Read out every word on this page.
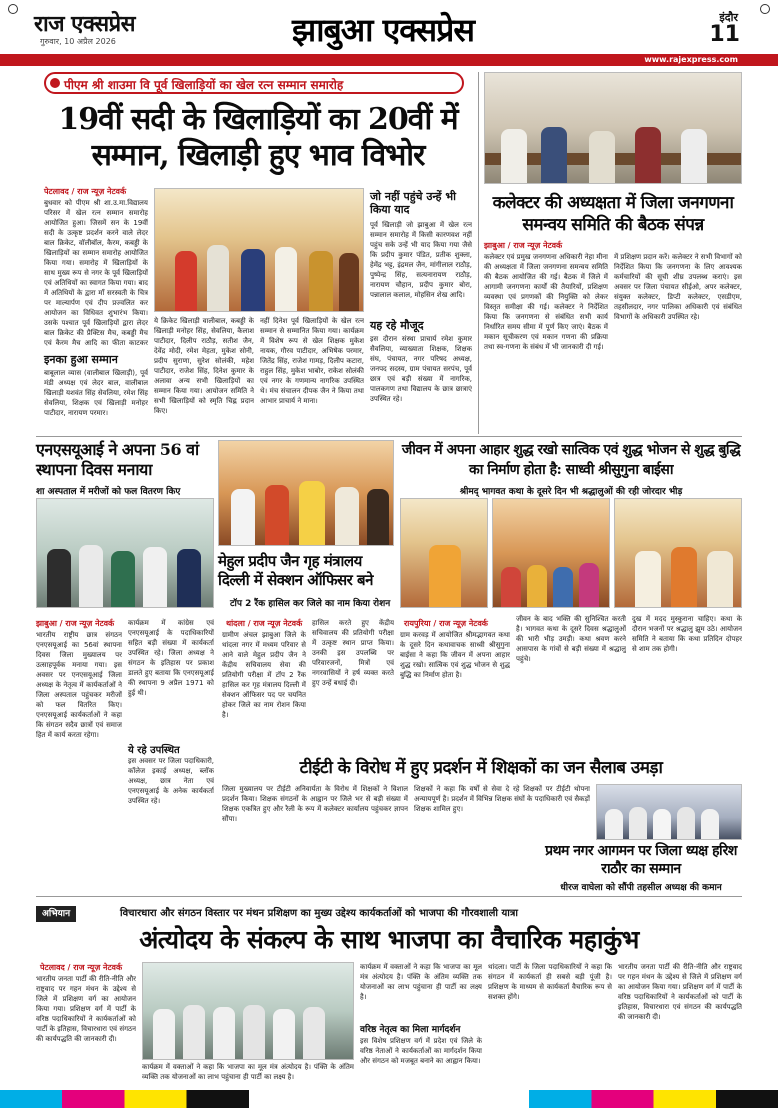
राज एक्सप्रेस
गुरुवार, 10 अप्रैल 2026	झाबुआ एक्सप्रेस	इंदौर
11
www.rajexpress.com
पीएम श्री शाउमा वि पूर्व खिलाड़ियों का खेल रत्न सम्मान समारोह
19वीं सदी के खिलाड़ियों का 20वीं में सम्मान, खिलाड़ी हुए भाव विभोर
पेटलावद / राज न्यूज़ नेटवर्क
बुधवार को पीएम श्री शा.उ.मा.विद्यालय परिसर में खेल रत्न सम्मान समारोह आयोजित हुआ। जिसमें सन के 19वीं सदी के उत्कृष्ट प्रदर्शन करने वाले लेदर बाल क्रिकेट, वॉलीबॉल, कैरम, कबड्डी के खिलाड़ियों का सम्मान समारोह आयोजित किया गया। समारोह में खिलाड़ियों के साथ मुख्य रूप से नगर के पूर्व खिलाड़ियों एवं अतिथियों का स्वागत किया गया। बाद में अतिथियों के द्वारा माँ सरस्वती के चित्र पर माल्यार्पण एवं दीप प्रज्वलित कर आयोजन का विधिवत शुभारंभ किया। उसके पश्चात पूर्व खिलाड़ियों द्वारा लेदर बाल क्रिकेट की प्रैक्टिस मैच, कबड्डी मैच एवं कैरम मैच आदि का फीता काटकर
इनका हुआ सम्मान
बाबूलाल व्यास (वालीबाल खिलाड़ी), पूर्व मंडी अध्यक्ष एवं लेदर बाल, वालीबाल खिलाड़ी यशवंत सिंह सेवलिया, रमेश सिंह सेवलिया, शिक्षक एवं खिलाड़ी मनोहर पाटीदार, नारायण परमार।
ये क्रिकेट खिलाड़ी वालीबाल, कबड्डी के खिलाड़ी मनोहर सिंह, सेवलिया, कैलाश पाटीदार, दिलीप राठौड़, सतीश जैन, देवेंद्र मोदी, रमेश मेहता, मुकेश सोनी, प्रदीप सुराणा, सुरेश सोलंकी, महेश पाटीदार, राजेश सिंह, दिनेश कुमार के अलावा अन्य सभी खिलाड़ियों का सम्मान किया गया। आयोजन समिति ने सभी खिलाड़ियों को स्मृति चिह्न प्रदान किए।
नहीं दिनेश पूर्व खिलाड़ियों के खेल रत्न सम्मान से सम्मानित किया गया। कार्यक्रम में विशेष रूप से खेल शिक्षक मुकेश नायक, गौरव पाटीदार, अभिषेक परमार, जितेंद्र सिंह, राजेश गामड़, दिलीप कटारा, राहुल सिंह, मुकेश भाबोर, राकेश सोलंकी एवं नगर के गणमान्य नागरिक उपस्थित थे। मंच संचालन दीपक जैन ने किया तथा आभार प्राचार्य ने माना।
जो नहीं पहुंचे उन्हें भी किया याद
पूर्व खिलाड़ी जो झाबुआ में खेल रत्न सम्मान समारोह में किसी कारणवश नहीं पहुंच सके उन्हें भी याद किया गया जैसे कि प्रदीप कुमार पंडित, प्रतीक शुक्ला, हेमेंद्र भट्ट, इंद्रमल जैन, मांगीलाल राठौड़, पुष्पेन्द्र सिंह, सत्यनारायण राठौड़, नारायण चौहान, प्रदीप कुमार बोरा, पन्नालाल कलाल, मोहसिन शेख आदि।
यह रहे मौजूद
इस दौरान संस्था प्राचार्य रमेश कुमार सैवलिया, व्याख्याता शिक्षक, शिक्षक संघ, पंचायत, नगर परिषद अध्यक्ष, जनपद सदस्य, ग्राम पंचायत सरपंच, पूर्व छात्र एवं बड़ी संख्या में नागरिक, पालकगण तथा विद्यालय के छात्र छात्राएं उपस्थित रहे।
कलेक्टर की अध्यक्षता में जिला जनगणना समन्वय समिति की बैठक संपन्न
झाबुआ / राज न्यूज़ नेटवर्क
कलेक्टर एवं प्रमुख जनगणना अधिकारी नेहा मीना की अध्यक्षता में जिला जनगणना समन्वय समिति की बैठक आयोजित की गई। बैठक में जिले में आगामी जनगणना कार्यों की तैयारियों, प्रशिक्षण व्यवस्था एवं प्रगणकों की नियुक्ति को लेकर विस्तृत समीक्षा की गई। कलेक्टर ने निर्देशित किया कि जनगणना से संबंधित सभी कार्य निर्धारित समय सीमा में पूर्ण किए जाएं। बैठक में मकान सूचीकरण एवं मकान गणना की प्रक्रिया तथा स्व-गणना के संबंध में भी जानकारी दी गई।
में प्रशिक्षण प्रदान करें। कलेक्टर ने सभी विभागों को निर्देशित किया कि जनगणना के लिए आवश्यक कर्मचारियों की सूची शीघ्र उपलब्ध कराएं। इस अवसर पर जिला पंचायत सीईओ, अपर कलेक्टर, संयुक्त कलेक्टर, डिप्टी कलेक्टर, एसडीएम, तहसीलदार, नगर पालिका अधिकारी एवं संबंधित विभागों के अधिकारी उपस्थित रहे।
एनएसयूआई ने अपना 56 वां स्थापना दिवस मनाया
शा अस्पताल में मरीजों को फल वितरण किए
झाबुआ / राज न्यूज़ नेटवर्क
भारतीय राष्ट्रीय छात्र संगठन एनएसयूआई का 56वां स्थापना दिवस जिला मुख्यालय पर उत्साहपूर्वक मनाया गया। इस अवसर पर एनएसयूआई जिला अध्यक्ष के नेतृत्व में कार्यकर्ताओं ने जिला अस्पताल पहुंचकर मरीजों को फल वितरित किए। एनएसयूआई कार्यकर्ताओं ने कहा कि संगठन सदैव छात्रों एवं समाज हित में कार्य करता रहेगा।
कार्यक्रम में कांग्रेस एवं एनएसयूआई के पदाधिकारियों सहित बड़ी संख्या में कार्यकर्ता उपस्थित रहे। जिला अध्यक्ष ने संगठन के इतिहास पर प्रकाश डालते हुए बताया कि एनएसयूआई की स्थापना 9 अप्रैल 1971 को हुई थी।
ये रहे उपस्थित
इस अवसर पर जिला पदाधिकारी, कॉलेज इकाई अध्यक्ष, ब्लॉक अध्यक्ष, छात्र नेता एवं एनएसयूआई के अनेक कार्यकर्ता उपस्थित रहे।
मेहुल प्रदीप जैन गृह मंत्रालय दिल्ली में सेक्शन ऑफिसर बने
टॉप 2 रैंक हासिल कर जिले का नाम किया रोशन
थांदला / राज न्यूज़ नेटवर्क
ग्रामीण अंचल झाबुआ जिले के थांदला नगर में मध्यम परिवार से आने वाले मेहुल प्रदीप जैन ने केंद्रीय सचिवालय सेवा की प्रतियोगी परीक्षा में टॉप 2 रैंक हासिल कर गृह मंत्रालय दिल्ली में सेक्शन ऑफिसर पद पर चयनित होकर जिले का नाम रोशन किया है।
हासिल करते हुए केंद्रीय सचिवालय की प्रतियोगी परीक्षा में उत्कृष्ट स्थान प्राप्त किया। उनकी इस उपलब्धि पर परिवारजनों, मित्रों एवं नगरवासियों ने हर्ष व्यक्त करते हुए उन्हें बधाई दी।
जीवन में अपना आहार शुद्ध रखो सात्विक एवं शुद्ध भोजन से शुद्ध बुद्धि का निर्माण होता है: साध्वी श्रीसुगुना बाईसा
श्रीमद् भागवत कथा के दूसरे दिन भी श्रद्धालुओं की रही जोरदार भीड़
रायपुरिया / राज न्यूज़ नेटवर्क
ग्राम करवड़ में आयोजित श्रीमद्भागवत कथा के दूसरे दिन कथावाचक साध्वी श्रीसुगुना बाईसा ने कहा कि जीवन में अपना आहार शुद्ध रखो। सात्विक एवं शुद्ध भोजन से शुद्ध बुद्धि का निर्माण होता है।
जीवन के बाद भक्ति की सुनिश्चित करती है। भागवत कथा के दूसरे दिवस श्रद्धालुओं की भारी भीड़ उमड़ी। कथा श्रवण करने आसपास के गांवों से बड़ी संख्या में श्रद्धालु पहुंचे।
दुख में मदद मुस्कुराना चाहिए। कथा के दौरान भजनों पर श्रद्धालु झूम उठे। आयोजन समिति ने बताया कि कथा प्रतिदिन दोपहर से शाम तक होगी।
टीईटी के विरोध में हुए प्रदर्शन में शिक्षकों का जन सैलाब उमड़ा
जिला मुख्यालय पर टीईटी अनिवार्यता के विरोध में शिक्षकों ने विशाल प्रदर्शन किया। शिक्षक संगठनों के आह्वान पर जिले भर से बड़ी संख्या में शिक्षक एकत्रित हुए और रैली के रूप में कलेक्टर कार्यालय पहुंचकर ज्ञापन सौंपा।
शिक्षकों ने कहा कि वर्षों से सेवा दे रहे शिक्षकों पर टीईटी थोपना अन्यायपूर्ण है। प्रदर्शन में विभिन्न शिक्षक संघों के पदाधिकारी एवं सैकड़ों शिक्षक शामिल हुए।
प्रथम नगर आगमन पर जिला ध्यक्ष हरिश राठौर का सम्मान
धीरज वाघेला को सौंपी तहसील अध्यक्ष की कमान
अभियान	विचारधारा और संगठन विस्तार पर मंथन प्रशिक्षण का मुख्य उद्देश्य कार्यकर्ताओं को भाजपा की गौरवशाली यात्रा
अंत्योदय के संकल्प के साथ भाजपा का वैचारिक महाकुंभ
पेटलावद / राज न्यूज़ नेटवर्क
भारतीय जनता पार्टी की रीति-नीति और राष्ट्रवाद पर गहन मंथन के उद्देश्य से जिले में प्रशिक्षण वर्ग का आयोजन किया गया। प्रशिक्षण वर्ग में पार्टी के वरिष्ठ पदाधिकारियों ने कार्यकर्ताओं को पार्टी के इतिहास, विचारधारा एवं संगठन की कार्यपद्धति की जानकारी दी।
कार्यक्रम में वक्ताओं ने कहा कि भाजपा का मूल मंत्र अंत्योदय है। पंक्ति के अंतिम व्यक्ति तक योजनाओं का लाभ पहुंचाना ही पार्टी का लक्ष्य है।
वरिष्ठ नेतृत्व का मिला मार्गदर्शन
कार्यक्रम में वक्ताओं ने कहा कि भाजपा का मूल मंत्र अंत्योदय है। पंक्ति के अंतिम व्यक्ति तक योजनाओं का लाभ पहुंचाना ही पार्टी का लक्ष्य है।
इस विशेष प्रशिक्षण वर्ग में प्रदेश एवं जिले के वरिष्ठ नेताओं ने कार्यकर्ताओं का मार्गदर्शन किया और संगठन को मजबूत बनाने का आह्वान किया।
थांदला। पार्टी के जिला पदाधिकारियों ने कहा कि संगठन में कार्यकर्ता ही सबसे बड़ी पूंजी है। प्रशिक्षण के माध्यम से कार्यकर्ता वैचारिक रूप से सशक्त होंगे।
भारतीय जनता पार्टी की रीति-नीति और राष्ट्रवाद पर गहन मंथन के उद्देश्य से जिले में प्रशिक्षण वर्ग का आयोजन किया गया। प्रशिक्षण वर्ग में पार्टी के वरिष्ठ पदाधिकारियों ने कार्यकर्ताओं को पार्टी के इतिहास, विचारधारा एवं संगठन की कार्यपद्धति की जानकारी दी।
